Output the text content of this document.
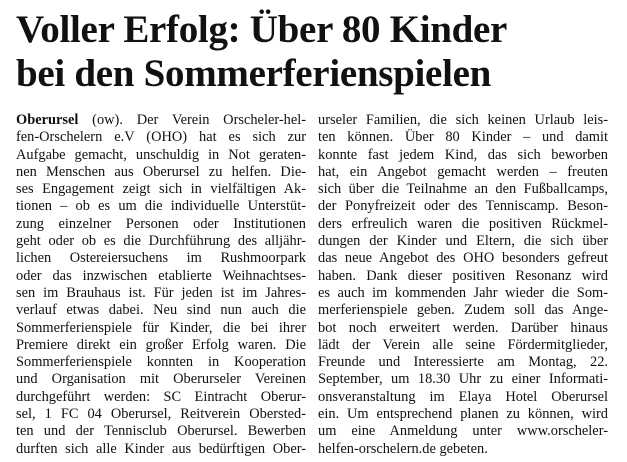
Voller Erfolg: Über 80 Kinder
bei den Sommerferienspielen
Oberursel (ow). Der Verein Orscheler-hel-
fen-Orschelern e.V (OHO) hat es sich zur
Aufgabe gemacht, unschuldig in Not geraten-
nen Menschen aus Oberursel zu helfen. Die-
ses Engagement zeigt sich in vielfältigen Ak-
tionen – ob es um die individuelle Unterstüt-
zung einzelner Personen oder Institutionen
geht oder ob es die Durchführung des alljähr-
lichen Ostereiersuchens im Rushmoorpark
oder das inzwischen etablierte Weihnachtses-
sen im Brauhaus ist. Für jeden ist im Jahres-
verlauf etwas dabei. Neu sind nun auch die
Sommerferienspiele für Kinder, die bei ihrer
Premiere direkt ein großer Erfolg waren. Die
Sommerferienspiele konnten in Kooperation
und Organisation mit Oberurseler Vereinen
durchgeführt werden: SC Eintracht Oberur-
sel, 1 FC 04 Oberursel, Reitverein Obersted-
ten und der Tennisclub Oberursel. Bewerben
durften sich alle Kinder aus bedürftigen Ober-
urseler Familien, die sich keinen Urlaub leis-
ten können. Über 80 Kinder – und damit
konnte fast jedem Kind, das sich beworben
hat, ein Angebot gemacht werden – freuten
sich über die Teilnahme an den Fußballcamps,
der Ponyfreizeit oder des Tenniscamp. Beson-
ders erfreulich waren die positiven Rückmel-
dungen der Kinder und Eltern, die sich über
das neue Angebot des OHO besonders gefreut
haben. Dank dieser positiven Resonanz wird
es auch im kommenden Jahr wieder die Som-
merferienspiele geben. Zudem soll das Ange-
bot noch erweitert werden. Darüber hinaus
lädt der Verein alle seine Fördermitglieder,
Freunde und Interessierte am Montag, 22.
September, um 18.30 Uhr zu einer Informati-
onsveranstaltung im Elaya Hotel Oberursel
ein. Um entsprechend planen zu können, wird
um eine Anmeldung unter www.orscheler-
helfen-orschelern.de gebeten.
